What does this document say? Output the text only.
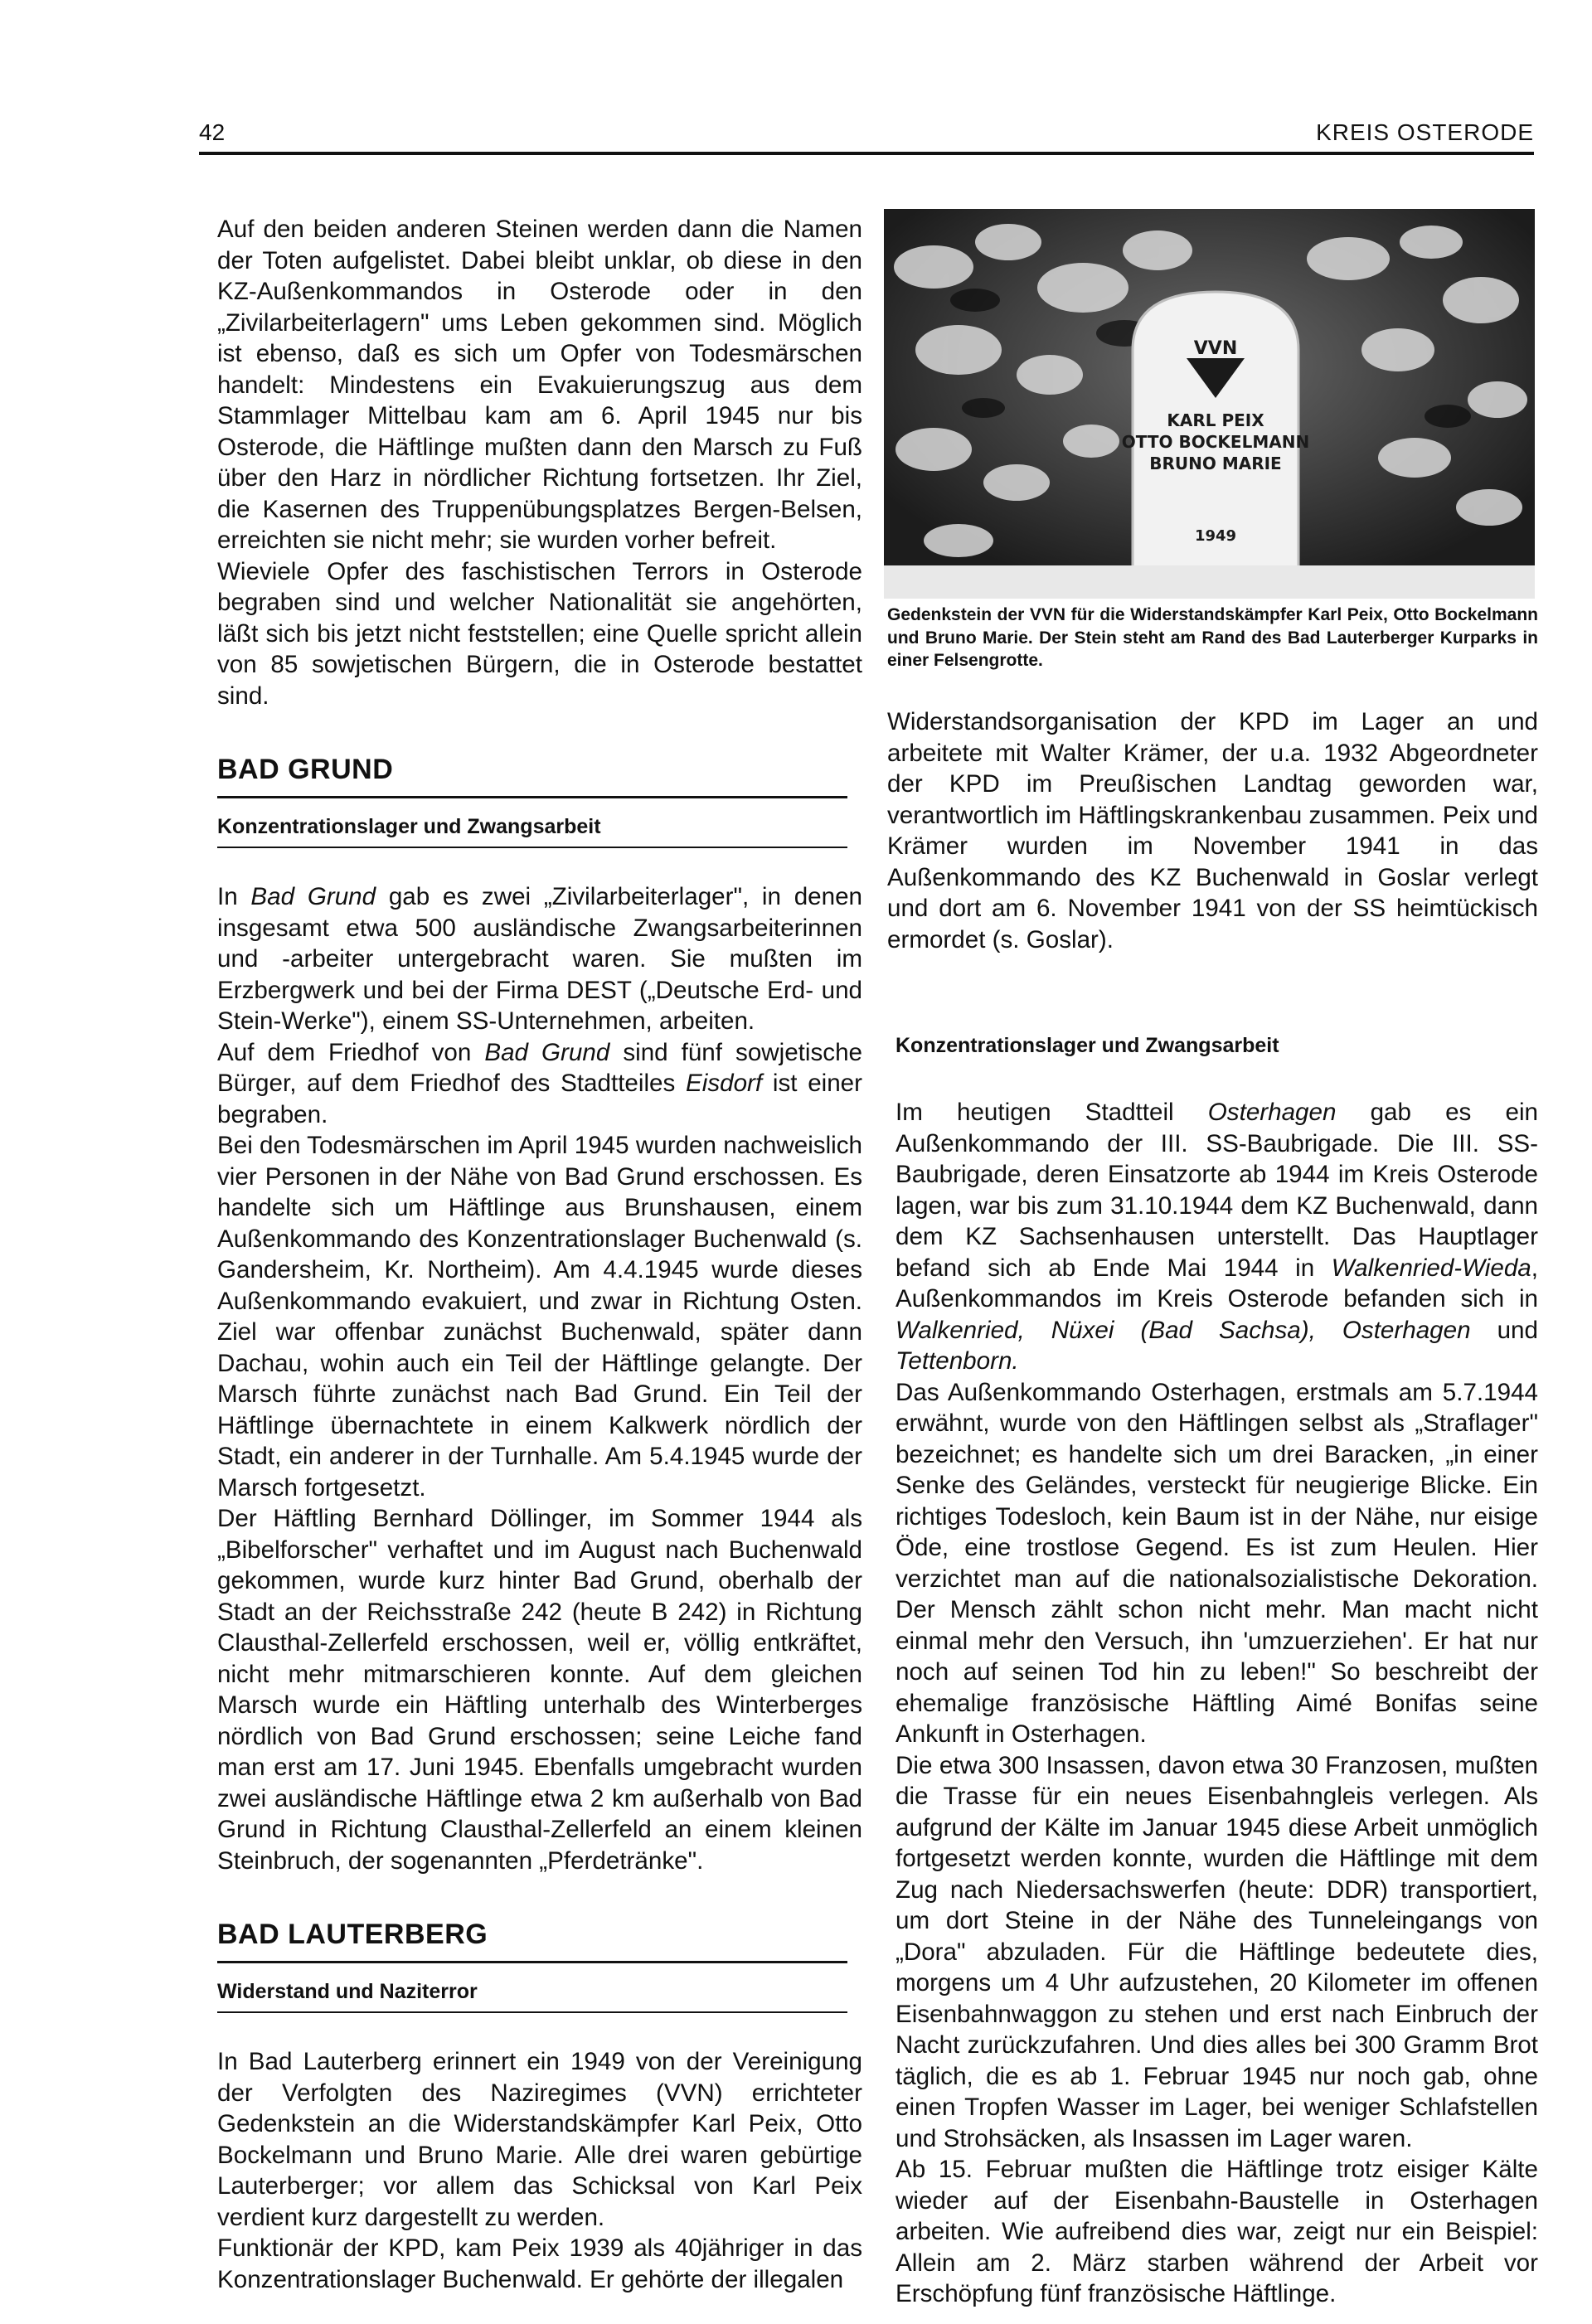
42	KREIS OSTERODE

Auf den beiden anderen Steinen werden dann die Namen der Toten aufgelistet. Dabei bleibt unklar, ob diese in den KZ-Außenkommandos in Osterode oder in den „Zivilarbeiterlagern" ums Leben gekommen sind. Möglich ist ebenso, daß es sich um Opfer von Todesmärschen handelt: Mindestens ein Evakuierungszug aus dem Stammlager Mittelbau kam am 6. April 1945 nur bis Osterode, die Häftlinge mußten dann den Marsch zu Fuß über den Harz in nördlicher Richtung fortsetzen. Ihr Ziel, die Kasernen des Truppenübungsplatzes Bergen-Belsen, erreichten sie nicht mehr; sie wurden vorher befreit.

Wieviele Opfer des faschistischen Terrors in Osterode begraben sind und welcher Nationalität sie angehörten, läßt sich bis jetzt nicht feststellen; eine Quelle spricht allein von 85 sowjetischen Bürgern, die in Osterode bestattet sind.

BAD GRUND
Konzentrationslager und Zwangsarbeit

In Bad Grund gab es zwei „Zivilarbeiterlager", in denen insgesamt etwa 500 ausländische Zwangsarbeiterinnen und -arbeiter untergebracht waren. Sie mußten im Erzbergwerk und bei der Firma DEST („Deutsche Erd- und Stein-Werke"), einem SS-Unternehmen, arbeiten.

Auf dem Friedhof von Bad Grund sind fünf sowjetische Bürger, auf dem Friedhof des Stadtteiles Eisdorf ist einer begraben.

Bei den Todesmärschen im April 1945 wurden nachweislich vier Personen in der Nähe von Bad Grund erschossen. Es handelte sich um Häftlinge aus Brunshausen, einem Außenkommando des Konzentrationslager Buchenwald (s. Gandersheim, Kr. Northeim). Am 4.4.1945 wurde dieses Außenkommando evakuiert, und zwar in Richtung Osten. Ziel war offenbar zunächst Buchenwald, später dann Dachau, wohin auch ein Teil der Häftlinge gelangte. Der Marsch führte zunächst nach Bad Grund. Ein Teil der Häftlinge übernachtete in einem Kalkwerk nördlich der Stadt, ein anderer in der Turnhalle. Am 5.4.1945 wurde der Marsch fortgesetzt.

Der Häftling Bernhard Döllinger, im Sommer 1944 als „Bibelforscher" verhaftet und im August nach Buchenwald gekommen, wurde kurz hinter Bad Grund, oberhalb der Stadt an der Reichsstraße 242 (heute B 242) in Richtung Clausthal-Zellerfeld erschossen, weil er, völlig entkräftet, nicht mehr mitmarschieren konnte. Auf dem gleichen Marsch wurde ein Häftling unterhalb des Winterberges nördlich von Bad Grund erschossen; seine Leiche fand man erst am 17. Juni 1945. Ebenfalls umgebracht wurden zwei ausländische Häftlinge etwa 2 km außerhalb von Bad Grund in Richtung Clausthal-Zellerfeld an einem kleinen Steinbruch, der sogenannten „Pferdetränke".

BAD LAUTERBERG
Widerstand und Naziterror

In Bad Lauterberg erinnert ein 1949 von der Vereinigung der Verfolgten des Naziregimes (VVN) errichteter Gedenkstein an die Widerstandskämpfer Karl Peix, Otto Bockelmann und Bruno Marie. Alle drei waren gebürtige Lauterberger; vor allem das Schicksal von Karl Peix verdient kurz dargestellt zu werden.

Funktionär der KPD, kam Peix 1939 als 40jähriger in das Konzentrationslager Buchenwald. Er gehörte der illegalen

VVN
KARL PEIX
OTTO BOCKELMANN
BRUNO MARIE
1949
Gedenkstein der VVN für die Widerstandskämpfer Karl Peix, Otto Bockelmann und Bruno Marie. Der Stein steht am Rand des Bad Lauterberger Kurparks in einer Felsengrotte.

Widerstandsorganisation der KPD im Lager an und arbeitete mit Walter Krämer, der u.a. 1932 Abgeordneter der KPD im Preußischen Landtag geworden war, verantwortlich im Häftlingskrankenbau zusammen. Peix und Krämer wurden im November 1941 in das Außenkommando des KZ Buchenwald in Goslar verlegt und dort am 6. November 1941 von der SS heimtückisch ermordet (s. Goslar).

Konzentrationslager und Zwangsarbeit

Im heutigen Stadtteil Osterhagen gab es ein Außenkommando der III. SS-Baubrigade. Die III. SS-Baubrigade, deren Einsatzorte ab 1944 im Kreis Osterode lagen, war bis zum 31.10.1944 dem KZ Buchenwald, dann dem KZ Sachsenhausen unterstellt. Das Hauptlager befand sich ab Ende Mai 1944 in Walkenried-Wieda, Außenkommandos im Kreis Osterode befanden sich in Walkenried, Nüxei (Bad Sachsa), Osterhagen und Tettenborn.

Das Außenkommando Osterhagen, erstmals am 5.7.1944 erwähnt, wurde von den Häftlingen selbst als „Straflager" bezeichnet; es handelte sich um drei Baracken, „in einer Senke des Geländes, versteckt für neugierige Blicke. Ein richtiges Todesloch, kein Baum ist in der Nähe, nur eisige Öde, eine trostlose Gegend. Es ist zum Heulen. Hier verzichtet man auf die nationalsozialistische Dekoration. Der Mensch zählt schon nicht mehr. Man macht nicht einmal mehr den Versuch, ihn 'umzuerziehen'. Er hat nur noch auf seinen Tod hin zu leben!" So beschreibt der ehemalige französische Häftling Aimé Bonifas seine Ankunft in Osterhagen.

Die etwa 300 Insassen, davon etwa 30 Franzosen, mußten die Trasse für ein neues Eisenbahngleis verlegen. Als aufgrund der Kälte im Januar 1945 diese Arbeit unmöglich fortgesetzt werden konnte, wurden die Häftlinge mit dem Zug nach Niedersachswerfen (heute: DDR) transportiert, um dort Steine in der Nähe des Tunneleingangs von „Dora" abzuladen. Für die Häftlinge bedeutete dies, morgens um 4 Uhr aufzustehen, 20 Kilometer im offenen Eisenbahnwaggon zu stehen und erst nach Einbruch der Nacht zurückzufahren. Und dies alles bei 300 Gramm Brot täglich, die es ab 1. Februar 1945 nur noch gab, ohne einen Tropfen Wasser im Lager, bei weniger Schlafstellen und Strohsäcken, als Insassen im Lager waren.

Ab 15. Februar mußten die Häftlinge trotz eisiger Kälte wieder auf der Eisenbahn-Baustelle in Osterhagen arbeiten. Wie aufreibend dies war, zeigt nur ein Beispiel: Allein am 2. März starben während der Arbeit vor Erschöpfung fünf französische Häftlinge.
